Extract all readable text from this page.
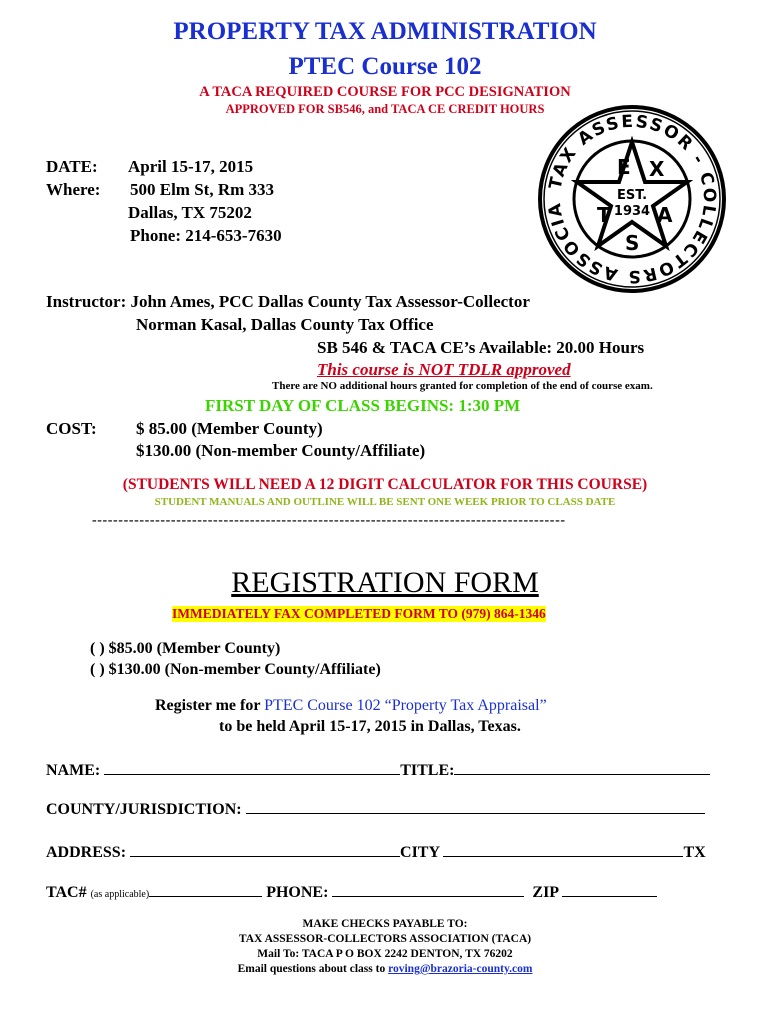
PROPERTY TAX ADMINISTRATION
PTEC Course 102
A TACA REQUIRED COURSE FOR PCC DESIGNATION
APPROVED FOR SB546, and TACA CE CREDIT HOURS
TAX ASSESSOR - COLLECTORS ASSOCIA
E X
T A
S
EST.
1934
DATE: April 15-17, 2015
Where: 500 Elm St, Rm 333
Dallas, TX 75202
Phone: 214-653-7630
Instructor: John Ames, PCC Dallas County Tax Assessor-Collector
Norman Kasal, Dallas County Tax Office
SB 546 & TACA CE’s Available: 20.00 Hours
This course is NOT TDLR approved
There are NO additional hours granted for completion of the end of course exam.
FIRST DAY OF CLASS BEGINS: 1:30 PM
COST: $ 85.00 (Member County)
$130.00 (Non-member County/Affiliate)
(STUDENTS WILL NEED A 12 DIGIT CALCULATOR FOR THIS COURSE)
STUDENT MANUALS AND OUTLINE WILL BE SENT ONE WEEK PRIOR TO CLASS DATE
------------------------------------------------------------------------------------------
REGISTRATION FORM
IMMEDIATELY FAX COMPLETED FORM TO (979) 864-1346
( ) $85.00 (Member County)
( ) $130.00 (Non-member County/Affiliate)
Register me for PTEC Course 102 “Property Tax Appraisal”
to be held April 15-17, 2015 in Dallas, Texas.
NAME:	TITLE:
COUNTY/JURISDICTION:
ADDRESS:	CITY	TX
TAC# (as applicable)	PHONE:	ZIP
MAKE CHECKS PAYABLE TO:
TAX ASSESSOR-COLLECTORS ASSOCIATION (TACA)
Mail To: TACA P O BOX 2242 DENTON, TX 76202
Email questions about class to roving@brazoria-county.com
